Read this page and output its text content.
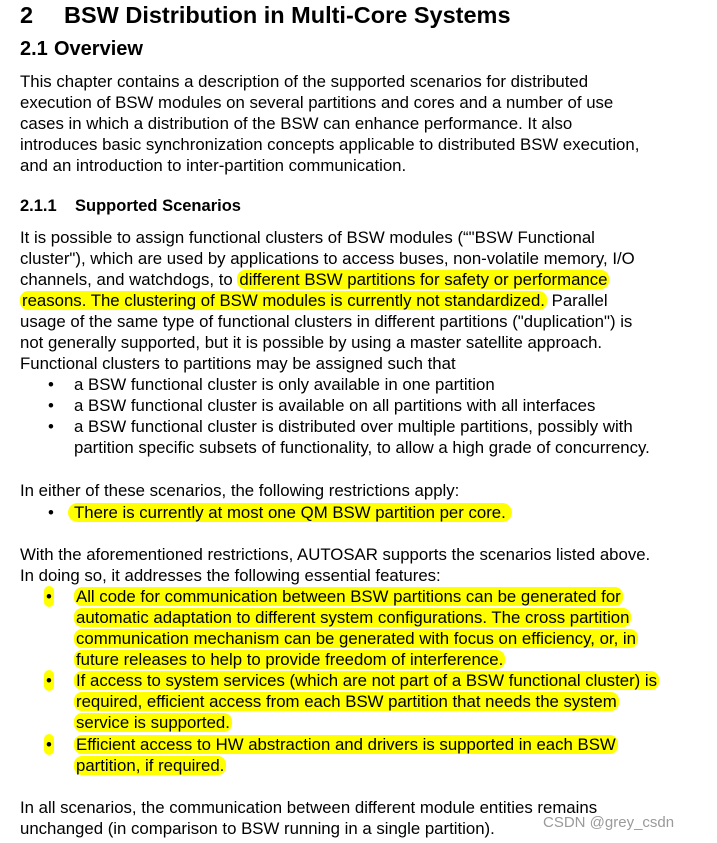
2 BSW Distribution in Multi-Core Systems
2.1 Overview
This chapter contains a description of the supported scenarios for distributed
execution of BSW modules on several partitions and cores and a number of use
cases in which a distribution of the BSW can enhance performance. It also
introduces basic synchronization concepts applicable to distributed BSW execution,
and an introduction to inter-partition communication.
2.1.1 Supported Scenarios
It is possible to assign functional clusters of BSW modules (“"BSW Functional
cluster"), which are used by applications to access buses, non-volatile memory, I/O
channels, and watchdogs, to different BSW partitions for safety or performance
reasons. The clustering of BSW modules is currently not standardized. Parallel
usage of the same type of functional clusters in different partitions ("duplication") is
not generally supported, but it is possible by using a master satellite approach.
Functional clusters to partitions may be assigned such that
• a BSW functional cluster is only available in one partition
• a BSW functional cluster is available on all partitions with all interfaces
• a BSW functional cluster is distributed over multiple partitions, possibly with
partition specific subsets of functionality, to allow a high grade of concurrency.
In either of these scenarios, the following restrictions apply:
• There is currently at most one QM BSW partition per core.
With the aforementioned restrictions, AUTOSAR supports the scenarios listed above.
In doing so, it addresses the following essential features:
• All code for communication between BSW partitions can be generated for
automatic adaptation to different system configurations. The cross partition
communication mechanism can be generated with focus on efficiency, or, in
future releases to help to provide freedom of interference.
• If access to system services (which are not part of a BSW functional cluster) is
required, efficient access from each BSW partition that needs the system
service is supported.
• Efficient access to HW abstraction and drivers is supported in each BSW
partition, if required.
In all scenarios, the communication between different module entities remains
unchanged (in comparison to BSW running in a single partition).	CSDN @grey_csdn
